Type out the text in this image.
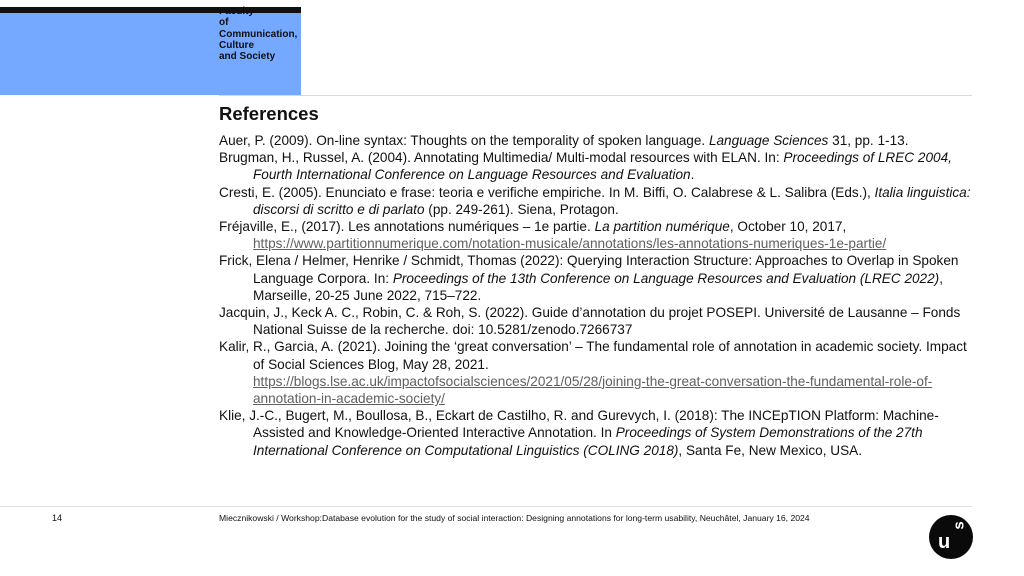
Faculty
of
Communication,
Culture
and Society
References
Auer, P. (2009). On-line syntax: Thoughts on the temporality of spoken language. Language Sciences 31, pp. 1-13.
Brugman, H., Russel, A. (2004). Annotating Multimedia/ Multi-modal resources with ELAN. In: Proceedings of LREC 2004, Fourth International Conference on Language Resources and Evaluation.
Cresti, E. (2005). Enunciato e frase: teoria e verifiche empiriche. In M. Biffi, O. Calabrese & L. Salibra (Eds.), Italia linguistica: discorsi di scritto e di parlato (pp. 249-261). Siena, Protagon.
Fréjaville, E., (2017). Les annotations numériques – 1e partie. La partition numérique, October 10, 2017,
https://www.partitionnumerique.com/notation-musicale/annotations/les-annotations-numeriques-1e-partie/
Frick, Elena / Helmer, Henrike / Schmidt, Thomas (2022): Querying Interaction Structure: Approaches to Overlap in Spoken Language Corpora. In: Proceedings of the 13th Conference on Language Resources and Evaluation (LREC 2022), Marseille, 20-25 June 2022, 715–722.
Jacquin, J., Keck A. C., Robin, C. & Roh, S. (2022). Guide d’annotation du projet POSEPI. Université de Lausanne – Fonds National Suisse de la recherche. doi: 10.5281/zenodo.7266737
Kalir, R., Garcia, A. (2021). Joining the ‘great conversation’ – The fundamental role of annotation in academic society. Impact of Social Sciences Blog, May 28, 2021.
https://blogs.lse.ac.uk/impactofsocialsciences/2021/05/28/joining-the-great-conversation-the-fundamental-role-of-annotation-in-academic-society/
Klie, J.-C., Bugert, M., Boullosa, B., Eckart de Castilho, R. and Gurevych, I. (2018): The INCEpTION Platform: Machine-Assisted and Knowledge-Oriented Interactive Annotation. In Proceedings of System Demonstrations of the 27th International Conference on Computational Linguistics (COLING 2018), Santa Fe, New Mexico, USA.
14	Miecznikowski / Workshop:Database evolution for the study of social interaction: Designing annotations for long-term usability, Neuchâtel, January 16, 2024
u
s
